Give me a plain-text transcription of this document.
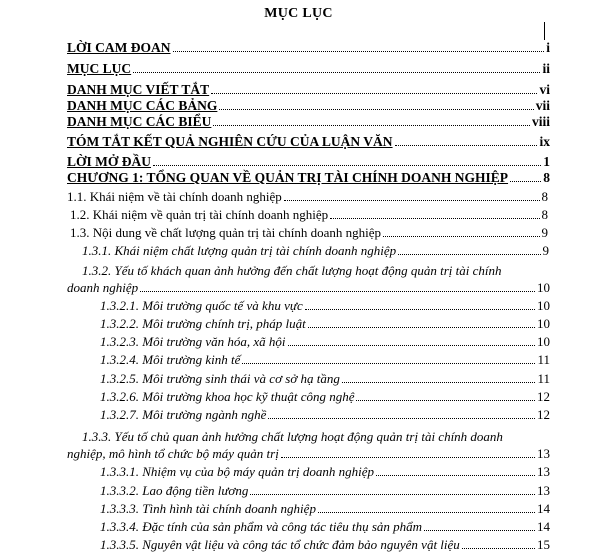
MỤC LỤC
LỜI CAM ĐOAN	i
MỤC LỤC	ii
DANH MỤC VIẾT TẮT	vi
DANH MỤC CÁC BẢNG	vii
DANH MỤC CÁC BIỂU	viii
TÓM TẮT KẾT QUẢ NGHIÊN CỨU CỦA LUẬN VĂN	ix
LỜI MỞ ĐẦU	1
CHƯƠNG 1: TỔNG QUAN VỀ QUẢN TRỊ TÀI CHÍNH DOANH NGHIỆP	8
1.1. Khái niệm về tài chính doanh nghiệp	8
1.2. Khái niệm về quản trị tài chính doanh nghiệp	8
1.3. Nội dung về chất lượng quản trị tài chính doanh nghiệp	9
1.3.1. Khái niệm chất lượng quản trị tài chính doanh nghiệp	9
1.3.2. Yếu tố khách quan ảnh hưởng đến chất lượng hoạt động quản trị tài chính
doanh nghiệp	10
1.3.2.1. Môi trường quốc tế và khu vực	10
1.3.2.2. Môi trường chính trị, pháp luật	10
1.3.2.3. Môi trường văn hóa, xã hội	10
1.3.2.4. Môi trường kinh tế	11
1.3.2.5. Môi trường sinh thái và cơ sở hạ tầng	11
1.3.2.6. Môi trường khoa học kỹ thuật công nghệ	12
1.3.2.7. Môi trường ngành nghề	12
1.3.3. Yếu tố chủ quan ảnh hưởng chất lượng hoạt động quản trị tài chính doanh
nghiệp, mô hình tổ chức bộ máy quản trị	13
1.3.3.1. Nhiệm vụ của bộ máy quản trị doanh nghiệp	13
1.3.3.2. Lao động tiền lương	13
1.3.3.3. Tình hình tài chính doanh nghiệp	14
1.3.3.4. Đặc tính của sản phẩm và công tác tiêu thụ sản phẩm	14
1.3.3.5. Nguyên vật liệu và công tác tổ chức đảm bảo nguyên vật liệu	15
